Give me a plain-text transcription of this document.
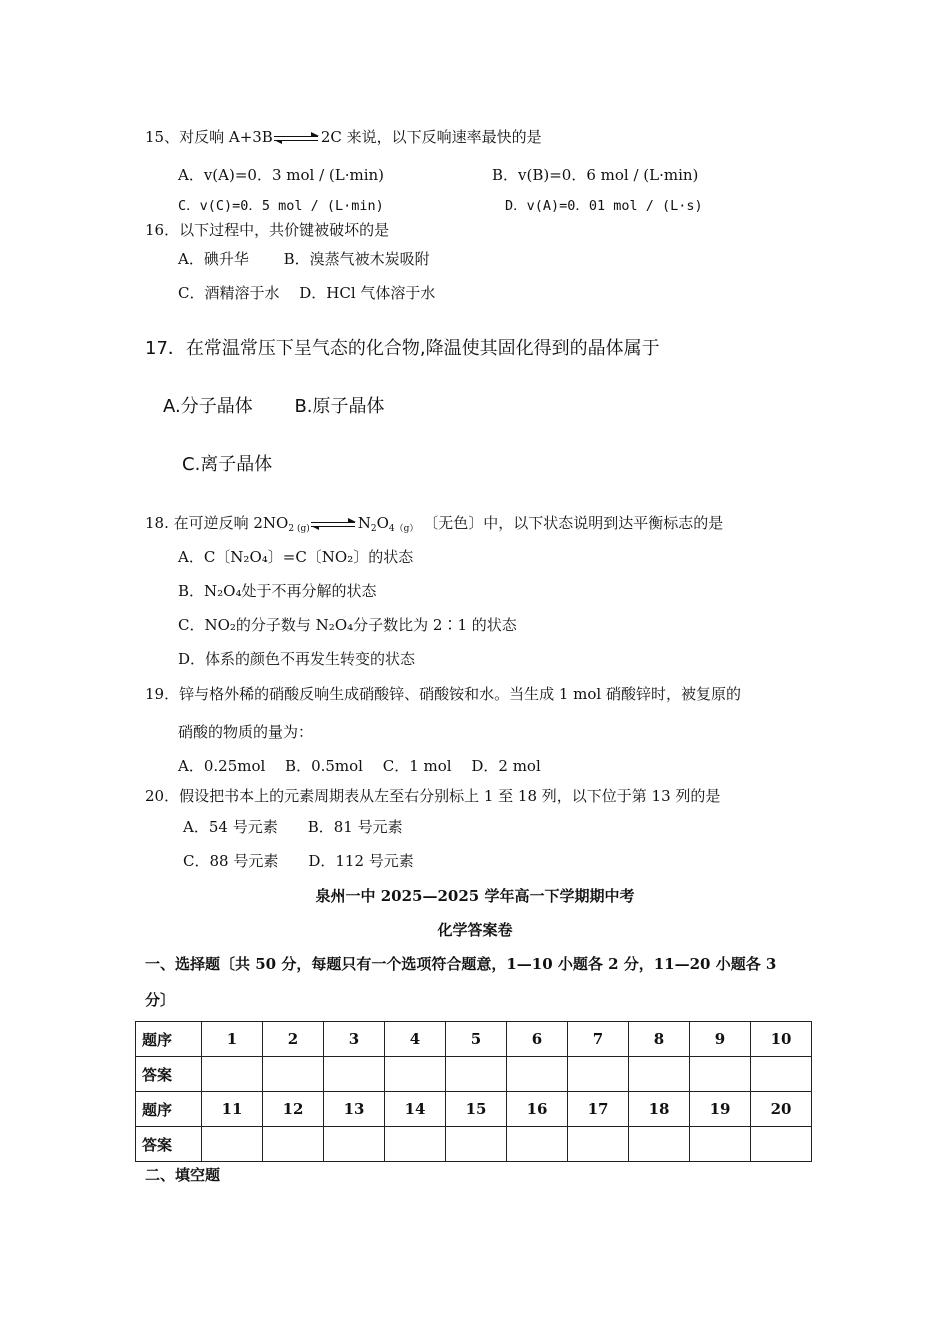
15、对反响 A+3B	2C 来说，以下反响速率最快的是
A．v(A)=0．3 mol / (L·min)	B．v(B)=0．6 mol / (L·min)
C．v(C)=0．5 mol / (L·min)	D．v(A)=0．01 mol / (L·s)
16．以下过程中，共价键被破坏的是
A．碘升华　　 B．溴蒸气被木炭吸附
C．酒精溶于水　 D．HCl 气体溶于水
17．在常温常压下呈气态的化合物,降温使其固化得到的晶体属于
A.分子晶体　　 B.原子晶体
C.离子晶体
18. 在可逆反响 $2NO_{2 (g)}$	$N_2O_{4(g)}$ 〔无色〕中，以下状态说明到达平衡标志的是
A．C〔N₂O₄〕=C〔NO₂〕的状态
B．N₂O₄处于不再分解的状态
C．NO₂的分子数与 N₂O₄分子数比为 2∶1 的状态
D．体系的颜色不再发生转变的状态
19．锌与格外稀的硝酸反响生成硝酸锌、硝酸铵和水。当生成 1 mol 硝酸锌时，被复原的
硝酸的物质的量为：
A．0.25mol　 B．0.5mol　 C．1 mol　 D．2 mol
20．假设把书本上的元素周期表从左至右分别标上 1 至 18 列，以下位于第 13 列的是
A．54 号元素　　B．81 号元素
C．88 号元素　　D．112 号元素
泉州一中 2025—2025 学年高一下学期期中考
化学答案卷
一、选择题〔共 50 分，每题只有一个选项符合题意，1—10 小题各 2 分，11—20 小题各 3
分〕
题序	1	2	3	4	5	6	7	8	9	10
答案										
题序	11	12	13	14	15	16	17	18	19	20
答案										
二、填空题
